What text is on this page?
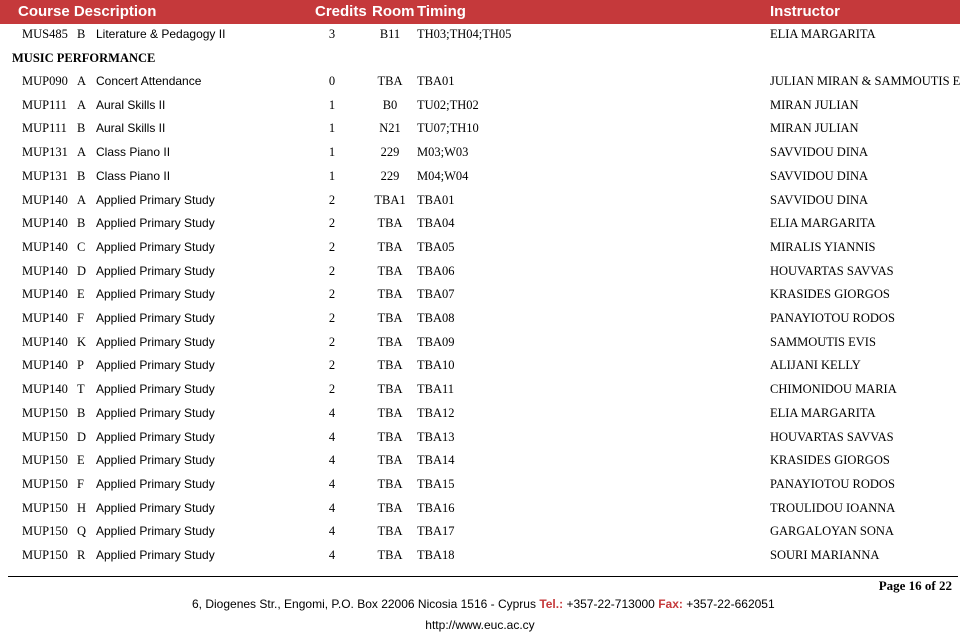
Course Description	Credits Room Timing	Instructor
MUS485 B Literature & Pedagogy II	3	B11	TH03;TH04;TH05	ELIA MARGARITA
MUSIC PERFORMANCE
MUP090 A Concert Attendance	0	TBA	TBA01	JULIAN MIRAN & SAMMOUTIS E
MUP111 A Aural Skills II	1	B0	TU02;TH02	MIRAN JULIAN
MUP111 B Aural Skills II	1	N21	TU07;TH10	MIRAN JULIAN
MUP131 A Class Piano II	1	229	M03;W03	SAVVIDOU DINA
MUP131 B Class Piano II	1	229	M04;W04	SAVVIDOU DINA
MUP140 A Applied Primary Study	2	TBA1 TBA01	SAVVIDOU DINA
MUP140 B Applied Primary Study	2	TBA	TBA04	ELIA MARGARITA
MUP140 C Applied Primary Study	2	TBA	TBA05	MIRALIS YIANNIS
MUP140 D Applied Primary Study	2	TBA	TBA06	HOUVARTAS SAVVAS
MUP140 E Applied Primary Study	2	TBA	TBA07	KRASIDES GIORGOS
MUP140 F Applied Primary Study	2	TBA	TBA08	PANAYIOTOU RODOS
MUP140 K Applied Primary Study	2	TBA	TBA09	SAMMOUTIS EVIS
MUP140 P Applied Primary Study	2	TBA	TBA10	ALIJANI KELLY
MUP140 T Applied Primary Study	2	TBA	TBA11	CHIMONIDOU MARIA
MUP150 B Applied Primary Study	4	TBA	TBA12	ELIA MARGARITA
MUP150 D Applied Primary Study	4	TBA	TBA13	HOUVARTAS SAVVAS
MUP150 E Applied Primary Study	4	TBA	TBA14	KRASIDES GIORGOS
MUP150 F Applied Primary Study	4	TBA	TBA15	PANAYIOTOU RODOS
MUP150 H Applied Primary Study	4	TBA	TBA16	TROULIDOU IOANNA
MUP150 Q Applied Primary Study	4	TBA	TBA17	GARGALOYAN SONA
MUP150 R Applied Primary Study	4	TBA	TBA18	SOURI MARIANNA
Page 16 of 22
6, Diogenes Str., Engomi, P.O. Box 22006 Nicosia 1516 - Cyprus Tel.: +357-22-713000 Fax: +357-22-662051
http://www.euc.ac.cy
